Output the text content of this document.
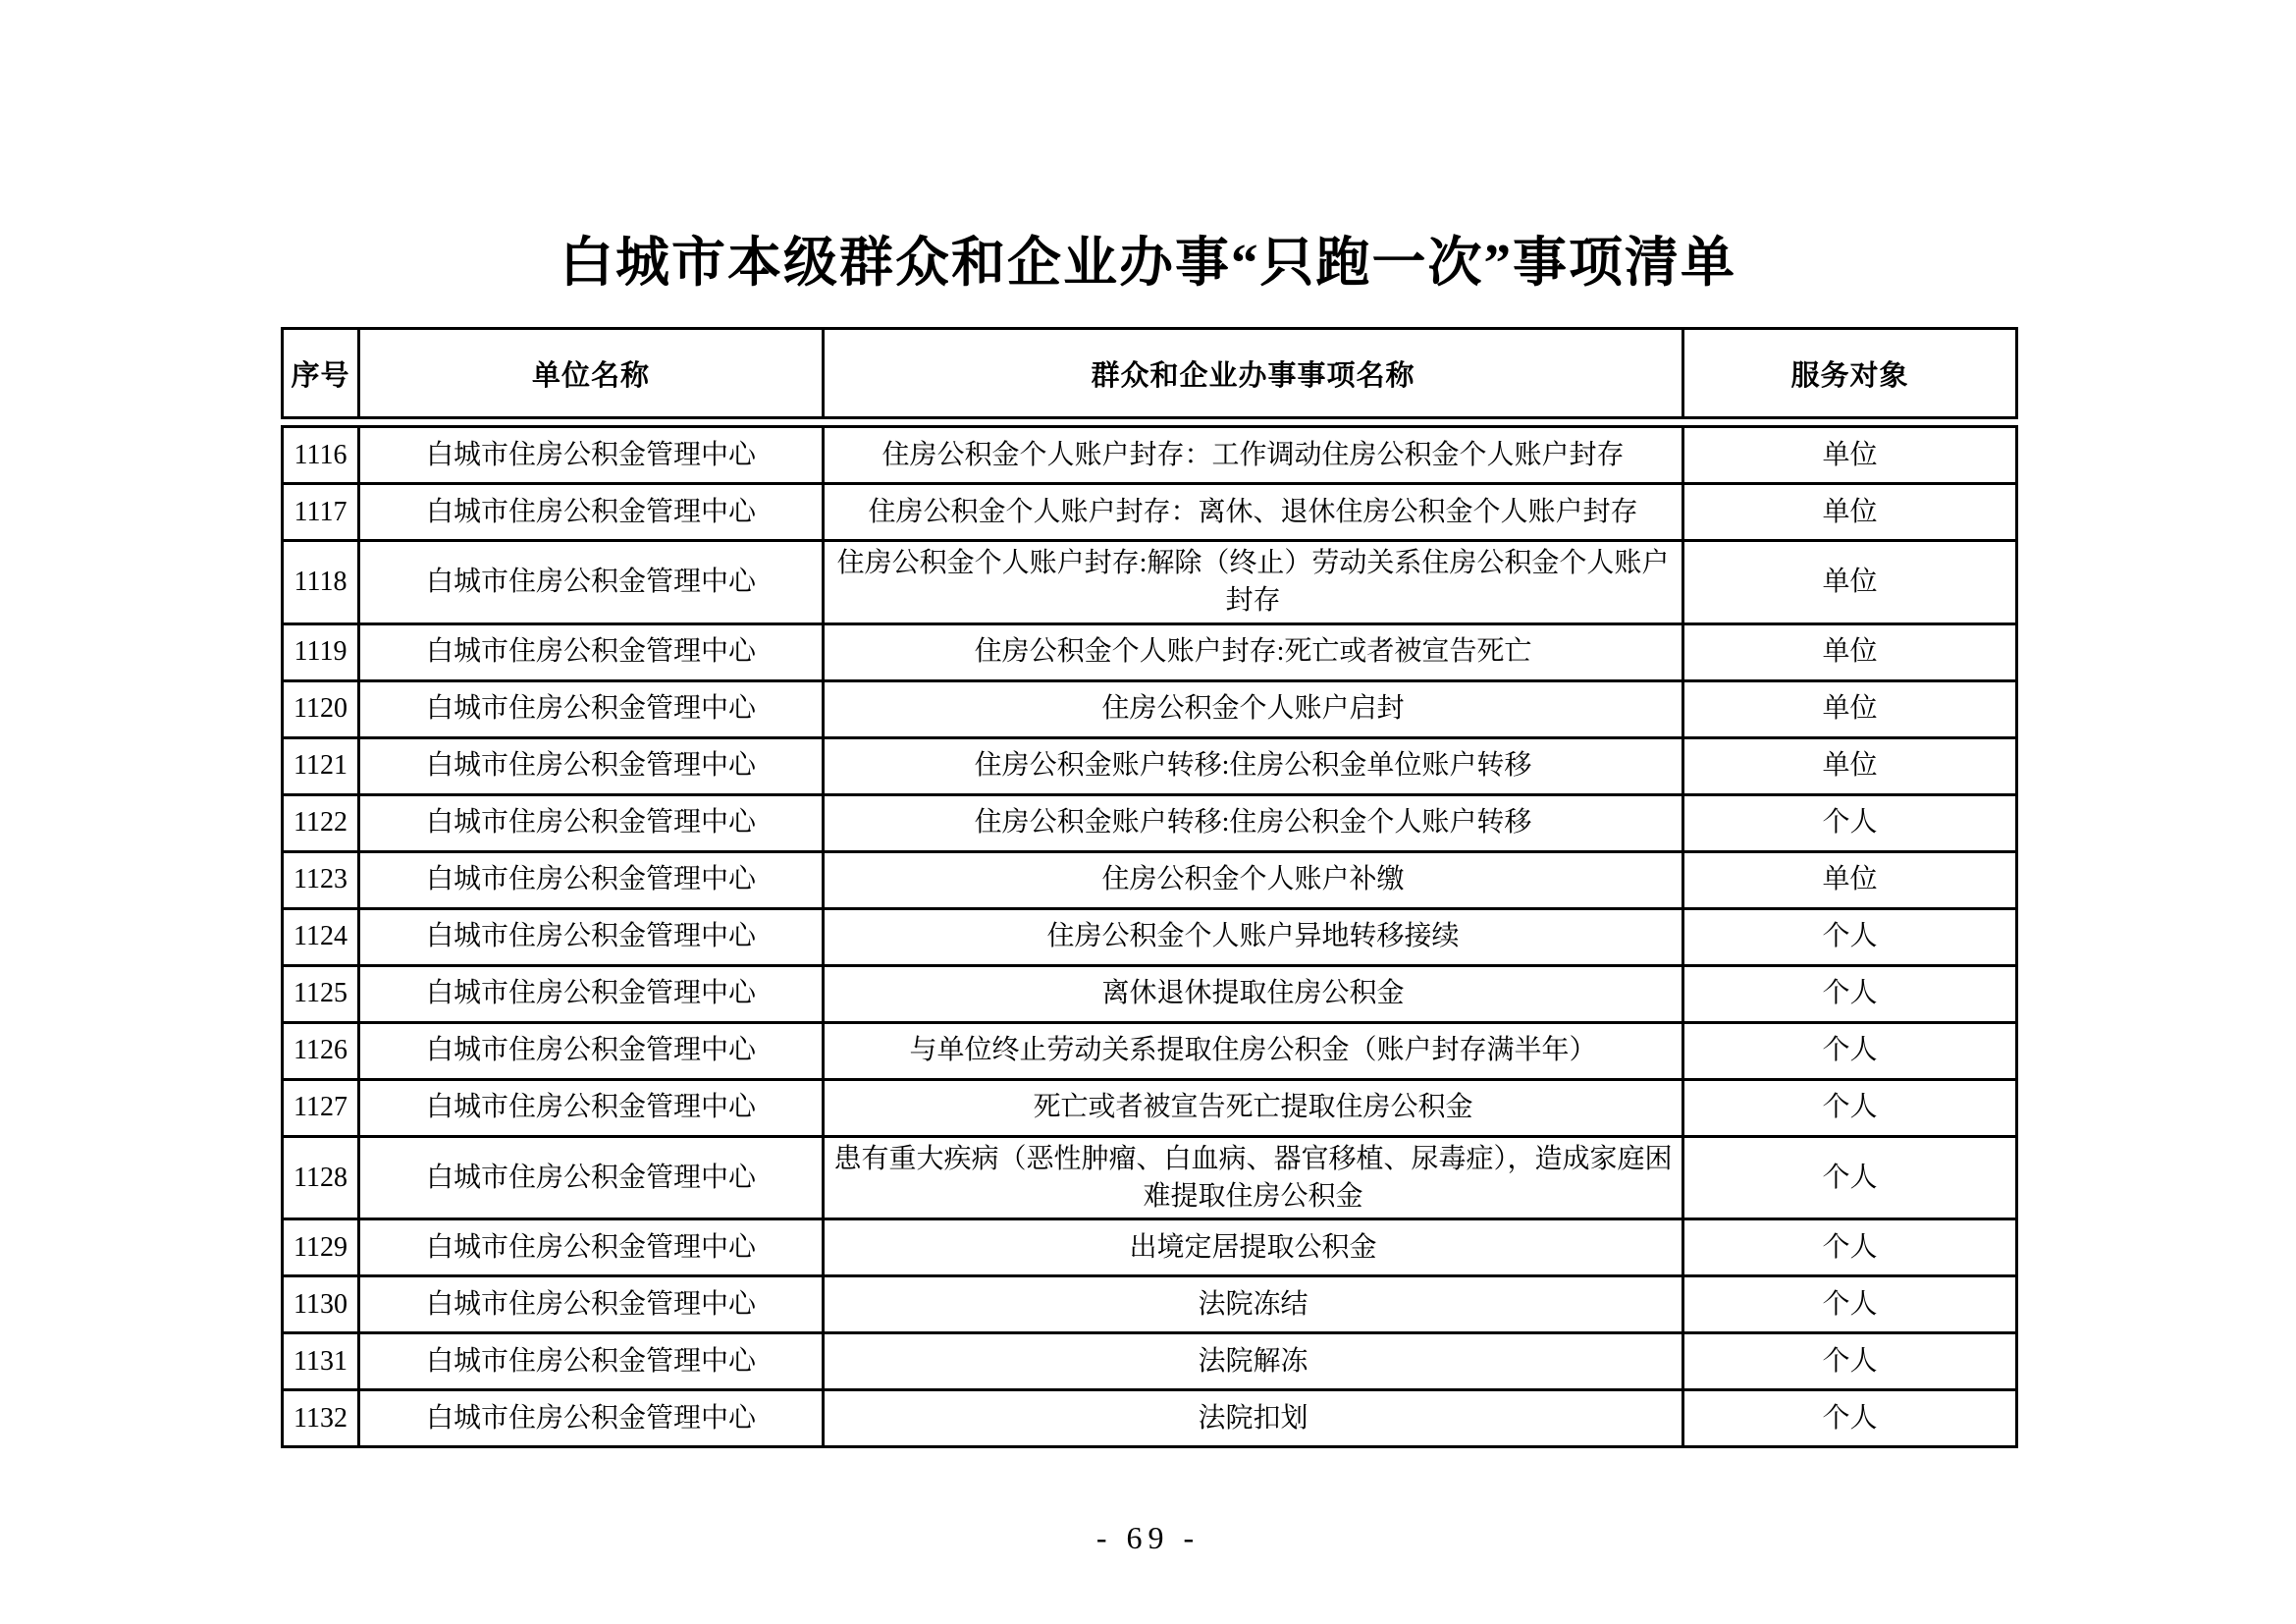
白城市本级群众和企业办事“只跑一次”事项清单
序号	单位名称	群众和企业办事事项名称	服务对象
1116	白城市住房公积金管理中心	住房公积金个人账户封存：工作调动住房公积金个人账户封存	单位
1117	白城市住房公积金管理中心	住房公积金个人账户封存：离休、退休住房公积金个人账户封存	单位
1118	白城市住房公积金管理中心	住房公积金个人账户封存:解除（终止）劳动关系住房公积金个人账户封存	单位
1119	白城市住房公积金管理中心	住房公积金个人账户封存:死亡或者被宣告死亡	单位
1120	白城市住房公积金管理中心	住房公积金个人账户启封	单位
1121	白城市住房公积金管理中心	住房公积金账户转移:住房公积金单位账户转移	单位
1122	白城市住房公积金管理中心	住房公积金账户转移:住房公积金个人账户转移	个人
1123	白城市住房公积金管理中心	住房公积金个人账户补缴	单位
1124	白城市住房公积金管理中心	住房公积金个人账户异地转移接续	个人
1125	白城市住房公积金管理中心	离休退休提取住房公积金	个人
1126	白城市住房公积金管理中心	与单位终止劳动关系提取住房公积金（账户封存满半年）	个人
1127	白城市住房公积金管理中心	死亡或者被宣告死亡提取住房公积金	个人
1128	白城市住房公积金管理中心	患有重大疾病（恶性肿瘤、白血病、器官移植、尿毒症），造成家庭困难提取住房公积金	个人
1129	白城市住房公积金管理中心	出境定居提取公积金	个人
1130	白城市住房公积金管理中心	法院冻结	个人
1131	白城市住房公积金管理中心	法院解冻	个人
1132	白城市住房公积金管理中心	法院扣划	个人
- 69 -
